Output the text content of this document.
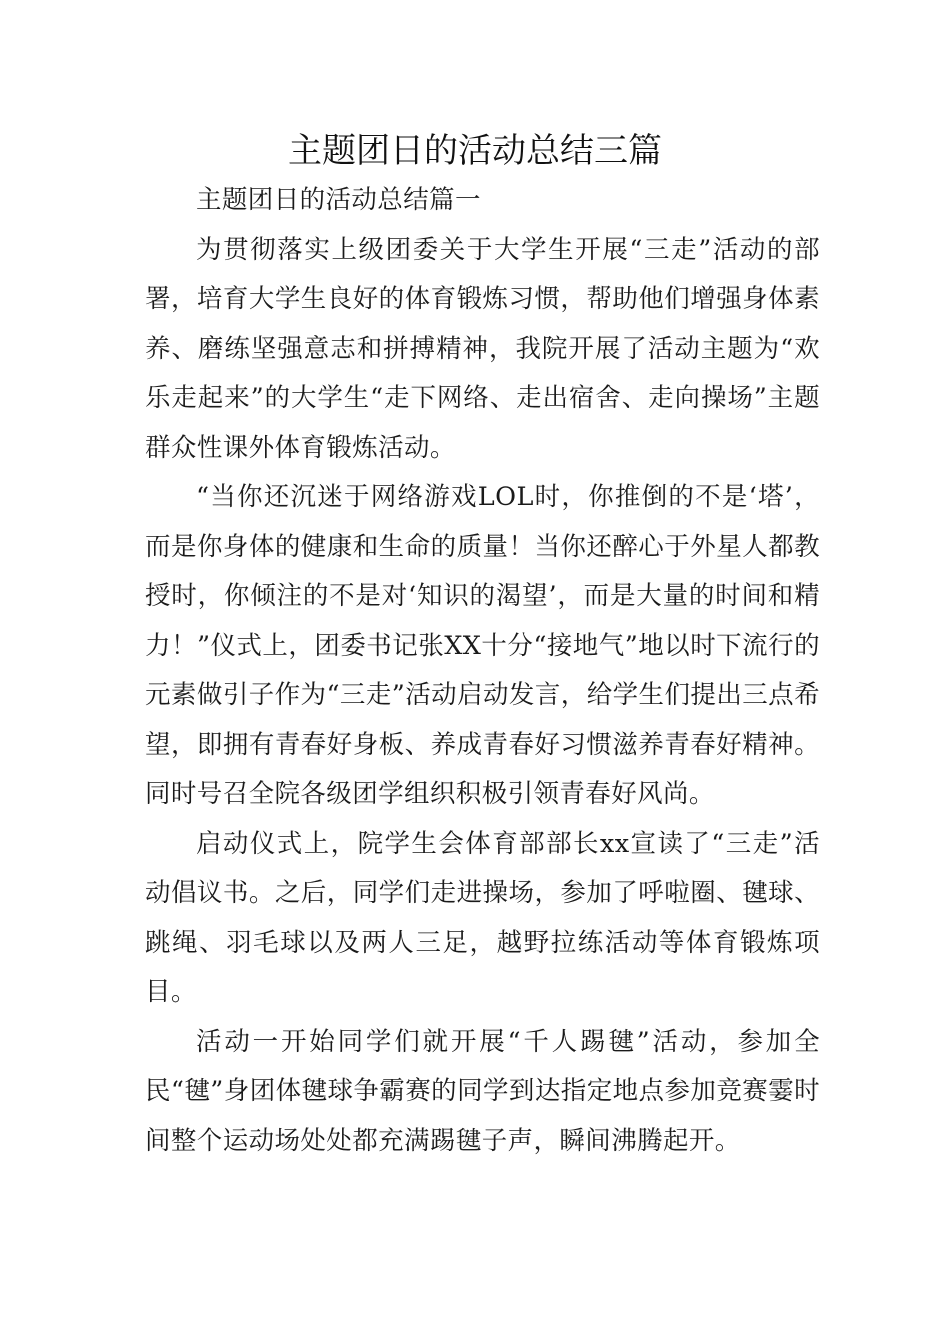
主题团日的活动总结三篇

主题团日的活动总结篇一

为贯彻落实上级团委关于大学生开展“三走”活动的部署，培育大学生良好的体育锻炼习惯，帮助他们增强身体素养、磨练坚强意志和拼搏精神，我院开展了活动主题为“欢乐走起来”的大学生“走下网络、走出宿舍、走向操场”主题群众性课外体育锻炼活动。

“当你还沉迷于网络游戏LOL时，你推倒的不是‘塔’，而是你身体的健康和生命的质量！当你还醉心于外星人都教授时，你倾注的不是对‘知识的渴望’，而是大量的时间和精力！”仪式上，团委书记张XX十分“接地气”地以时下流行的元素做引子作为“三走”活动启动发言，给学生们提出三点希望，即拥有青春好身板、养成青春好习惯滋养青春好精神。同时号召全院各级团学组织积极引领青春好风尚。

启动仪式上，院学生会体育部部长xx宣读了“三走”活动倡议书。之后，同学们走进操场，参加了呼啦圈、毽球、跳绳、羽毛球以及两人三足，越野拉练活动等体育锻炼项目。

活动一开始同学们就开展“千人踢毽”活动，参加全民“毽”身团体毽球争霸赛的同学到达指定地点参加竞赛霎时间整个运动场处处都充满踢毽子声，瞬间沸腾起开。
